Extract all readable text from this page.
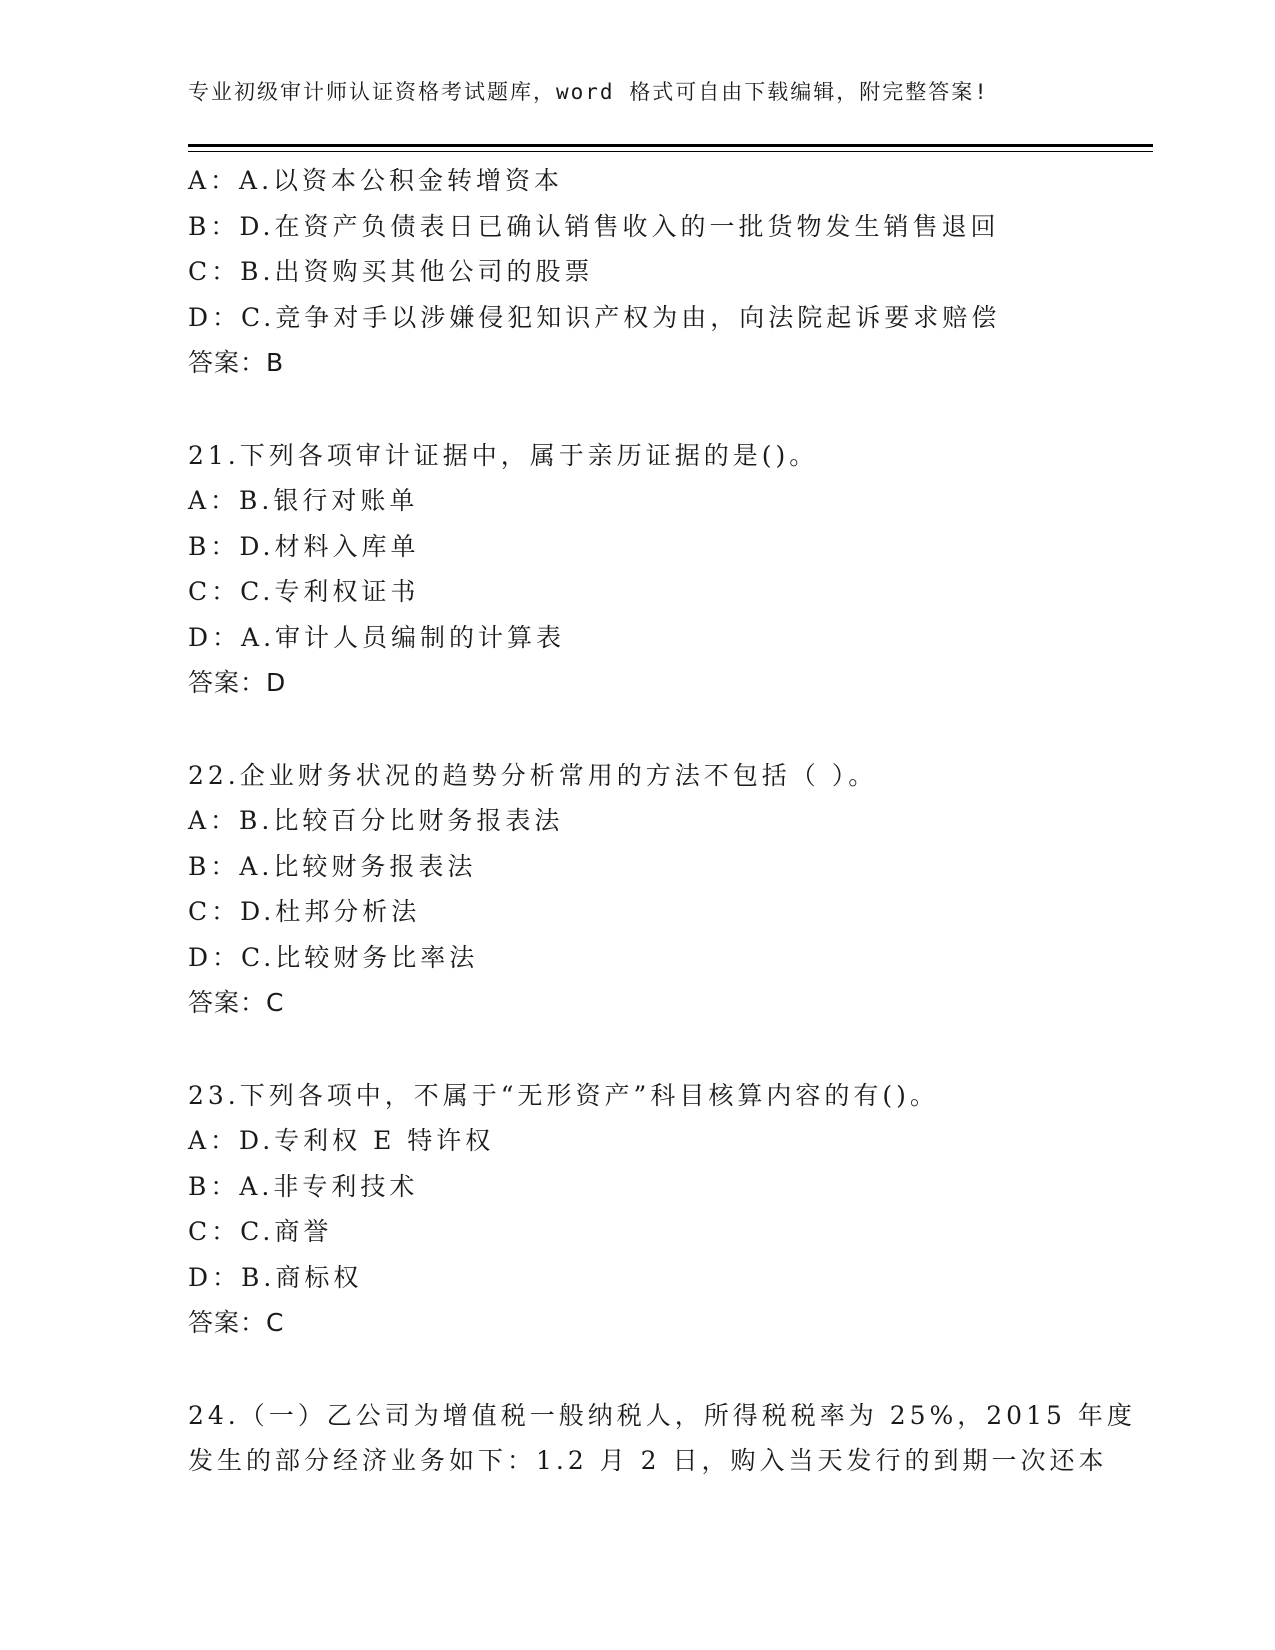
专业初级审计师认证资格考试题库，word 格式可自由下载编辑，附完整答案!
A：A.以资本公积金转增资本
B：D.在资产负债表日已确认销售收入的一批货物发生销售退回
C：B.出资购买其他公司的股票
D：C.竞争对手以涉嫌侵犯知识产权为由，向法院起诉要求赔偿
答案：B
21.下列各项审计证据中，属于亲历证据的是()。
A：B.银行对账单
B：D.材料入库单
C：C.专利权证书
D：A.审计人员编制的计算表
答案：D
22.企业财务状况的趋势分析常用的方法不包括（ ）。
A：B.比较百分比财务报表法
B：A.比较财务报表法
C：D.杜邦分析法
D：C.比较财务比率法
答案：C
23.下列各项中，不属于“无形资产”科目核算内容的有()。
A：D.专利权 E 特许权
B：A.非专利技术
C：C.商誉
D：B.商标权
答案：C
24.（一）乙公司为增值税一般纳税人，所得税税率为 25%，2015 年度
发生的部分经济业务如下：1.2 月 2 日，购入当天发行的到期一次还本
